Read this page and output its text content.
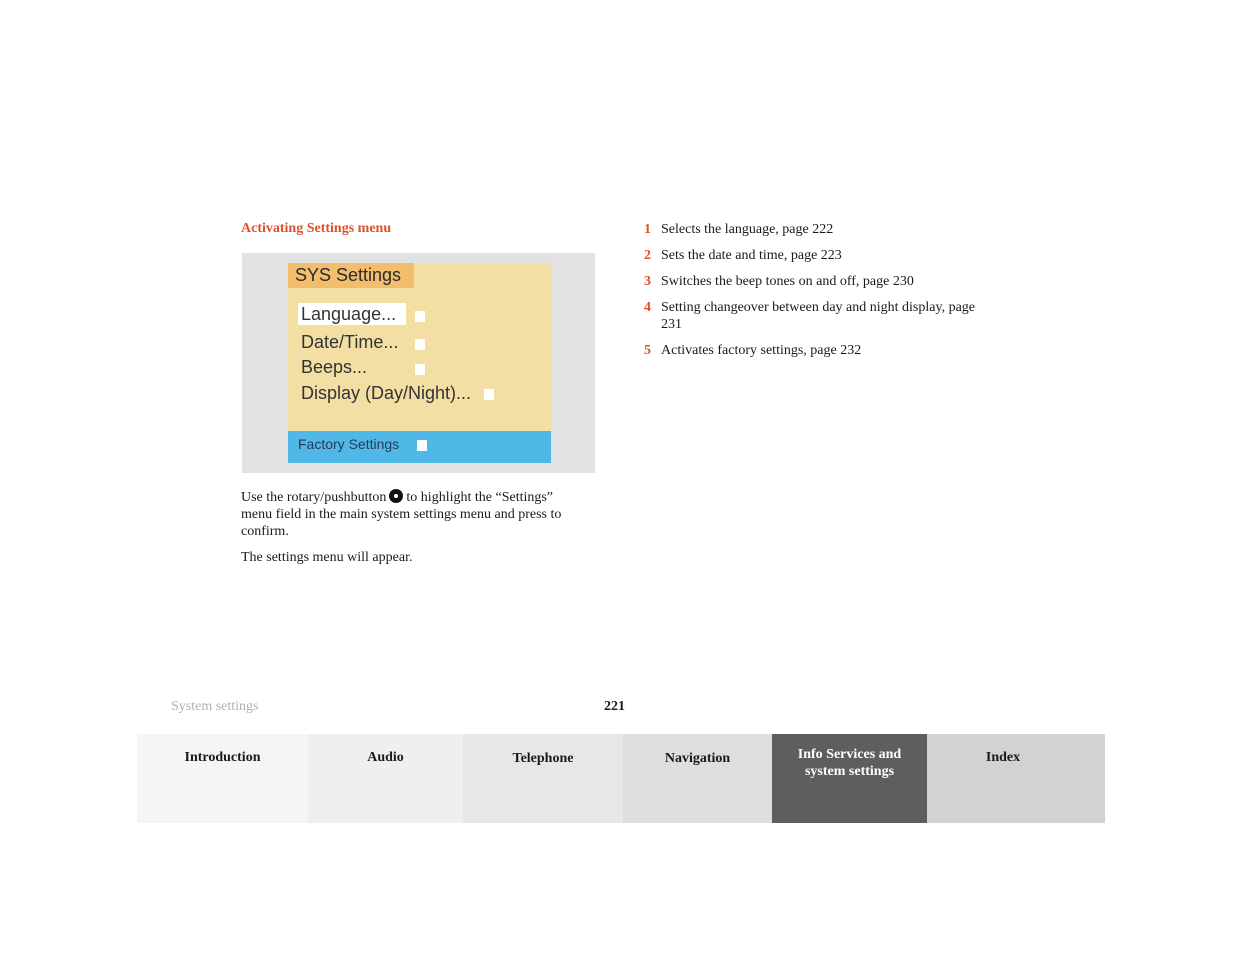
Activating Settings menu
SYS Settings
Language...
Date/Time...
Beeps...
Display (Day/Night)...
Factory Settings
Use the rotary/pushbutton to highlight the “Settings” menu field in the main system settings menu and press to confirm.
The settings menu will appear.
1 Selects the language, page 222
2 Sets the date and time, page 223
3 Switches the beep tones on and off, page 230
4 Setting changeover between day and night display, page 231
5 Activates factory settings, page 232
System settings	221
Introduction	Audio	Telephone	Navigation	Info Services and system settings
Index
